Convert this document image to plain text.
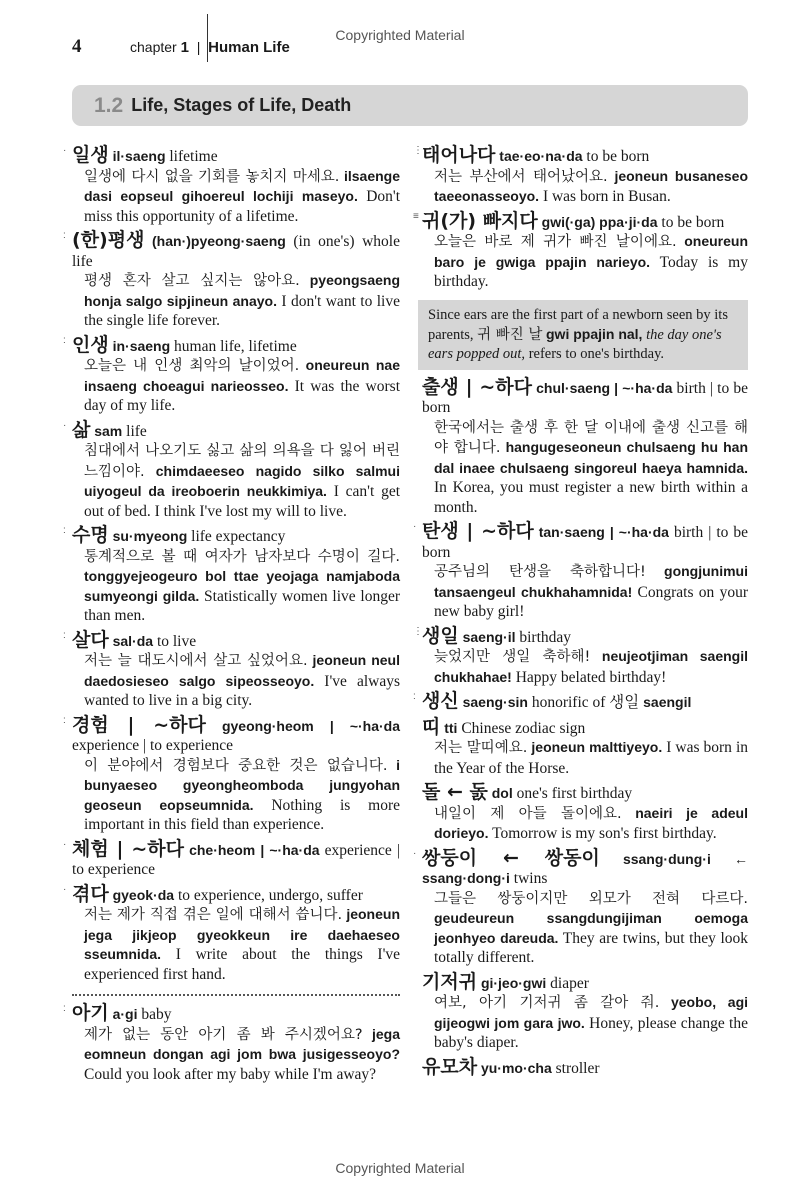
Copyrighted Material
4	chapter 1  |  Human Life
1.2 Life, Stages of Life, Death
· 일생 il·saeng lifetime
일생에 다시 없을 기회를 놓치지 마세요. ilsaenge dasi eopseul gihoereul lochiji maseyo. Don't miss this opportunity of a lifetime.
: (한)평생 (han·)pyeong·saeng (in one's) whole life
평생 혼자 살고 싶지는 않아요. pyeongsaeng honja salgo sipjineun anayo. I don't want to live the single life forever.
: 인생 in·saeng human life, lifetime
오늘은 내 인생 최악의 날이었어. oneureun nae insaeng choeagui narieosseo. It was the worst day of my life.
· 삶 sam life
침대에서 나오기도 싫고 삶의 의욕을 다 잃어 버린 느낌이야. chimdaeeseo nagido silko salmui uiyogeul da ireoboerin neukkimiya. I can't get out of bed. I think I've lost my will to live.
: 수명 su·myeong life expectancy
통계적으로 볼 때 여자가 남자보다 수명이 길다. tonggyejeogeuro bol ttae yeojaga namjaboda sumyeongi gilda. Statistically women live longer than men.
: 살다 sal·da to live
저는 늘 대도시에서 살고 싶었어요. jeoneun neul daedosieseo salgo sipeosseoyo. I've always wanted to live in a big city.
: 경험 | ~하다 gyeong·heom | ~·ha·da experience | to experience
이 분야에서 경험보다 중요한 것은 없습니다. i bunyaeseo gyeongheomboda jungyohan geoseun eopseumnida. Nothing is more important in this field than experience.
· 체험 | ~하다 che·heom | ~·ha·da experience | to experience
· 겪다 gyeok·da to experience, undergo, suffer
저는 제가 직접 겪은 일에 대해서 씁니다. jeoneun jega jikjeop gyeokkeun ire daehaeseo sseumnida. I write about the things I've experienced first hand.
: 아기 a·gi baby
제가 없는 동안 아기 좀 봐 주시겠어요? jega eomneun dongan agi jom bwa jusigesseoyo? Could you look after my baby while I'm away?
⋮ 태어나다 tae·eo·na·da to be born
저는 부산에서 태어났어요. jeoneun busaneseo taeeonasseoyo. I was born in Busan.
≡ 귀(가) 빠지다 gwi(·ga) ppa·ji·da to be born
오늘은 바로 제 귀가 빠진 날이에요. oneureun baro je gwiga ppajin narieyo. Today is my birthday.
Since ears are the first part of a newborn seen by its parents, 귀 빠진 날 gwi ppajin nal, the day one's ears popped out, refers to one's birthday.
출생 | ~하다 chul·saeng | ~·ha·da birth | to be born
한국에서는 출생 후 한 달 이내에 출생 신고를 해야 합니다. hangugeseoneun chulsaeng hu han dal inaee chulsaeng singoreul haeya hamnida. In Korea, you must register a new birth within a month.
· 탄생 | ~하다 tan·saeng | ~·ha·da birth | to be born
공주님의 탄생을 축하합니다! gongjunimui tansaengeul chukhahamnida! Congrats on your new baby girl!
⋮ 생일 saeng·il birthday
늦었지만 생일 축하해! neujeotjiman saengil chukhahae! Happy belated birthday!
: 생신 saeng·sin honorific of 생일 saengil
띠 tti Chinese zodiac sign
저는 말띠예요. jeoneun malttiyeyo. I was born in the Year of the Horse.
돌 ← 돐 dol one's first birthday
내일이 제 아들 돌이에요. naeiri je adeul dorieyo. Tomorrow is my son's first birthday.
· 쌍둥이 ← 쌍동이 ssang·dung·i ← ssang·dong·i twins
그들은 쌍둥이지만 외모가 전혀 다르다. geudeureun ssangdungijiman oemoga jeonhyeo dareuda. They are twins, but they look totally different.
기저귀 gi·jeo·gwi diaper
여보, 아기 기저귀 좀 갈아 줘. yeobo, agi gijeogwi jom gara jwo. Honey, please change the baby's diaper.
유모차 yu·mo·cha stroller
Copyrighted Material
